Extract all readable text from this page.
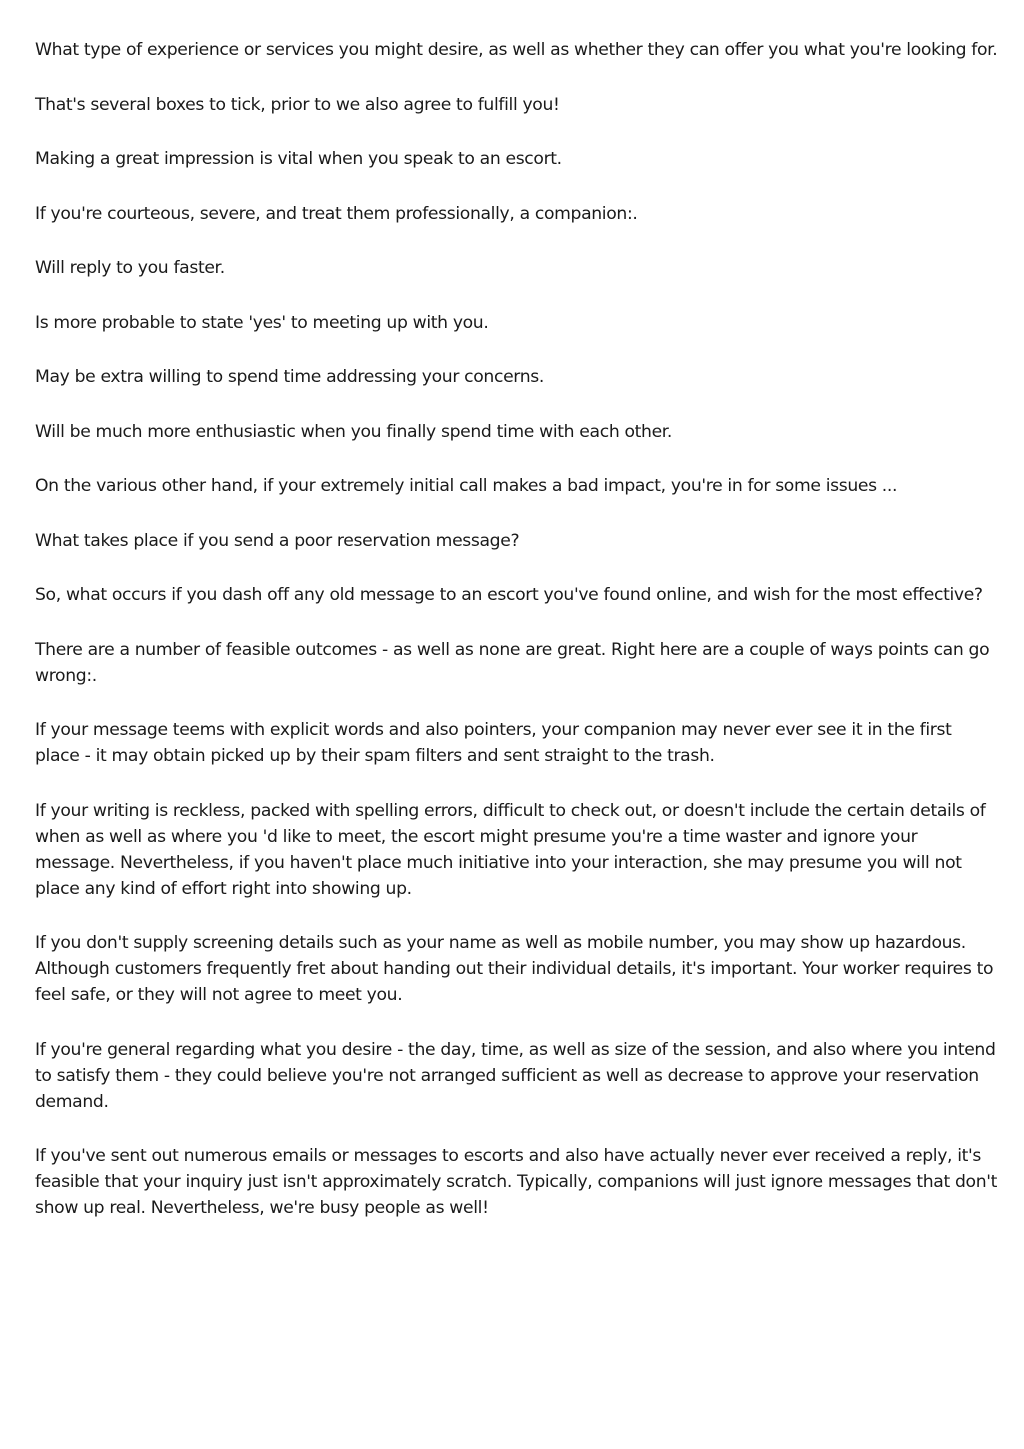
What type of experience or services you might desire, as well as whether they can offer you what you're looking for.

That's several boxes to tick, prior to we also agree to fulfill you!

Making a great impression is vital when you speak to an escort.

If you're courteous, severe, and treat them professionally, a companion:.

Will reply to you faster.

Is more probable to state 'yes' to meeting up with you.

May be extra willing to spend time addressing your concerns.

Will be much more enthusiastic when you finally spend time with each other.

On the various other hand, if your extremely initial call makes a bad impact, you're in for some issues ...

What takes place if you send a poor reservation message?

So, what occurs if you dash off any old message to an escort you've found online, and wish for the most effective?

There are a number of feasible outcomes - as well as none are great. Right here are a couple of ways points can go wrong:.

If your message teems with explicit words and also pointers, your companion may never ever see it in the first place - it may obtain picked up by their spam filters and sent straight to the trash.

If your writing is reckless, packed with spelling errors, difficult to check out, or doesn't include the certain details of when as well as where you 'd like to meet, the escort might presume you're a time waster and ignore your message. Nevertheless, if you haven't place much initiative into your interaction, she may presume you will not place any kind of effort right into showing up.

If you don't supply screening details such as your name as well as mobile number, you may show up hazardous. Although customers frequently fret about handing out their individual details, it's important. Your worker requires to feel safe, or they will not agree to meet you.

If you're general regarding what you desire - the day, time, as well as size of the session, and also where you intend to satisfy them - they could believe you're not arranged sufficient as well as decrease to approve your reservation demand.

If you've sent out numerous emails or messages to escorts and also have actually never ever received a reply, it's feasible that your inquiry just isn't approximately scratch. Typically, companions will just ignore messages that don't show up real. Nevertheless, we're busy people as well!
